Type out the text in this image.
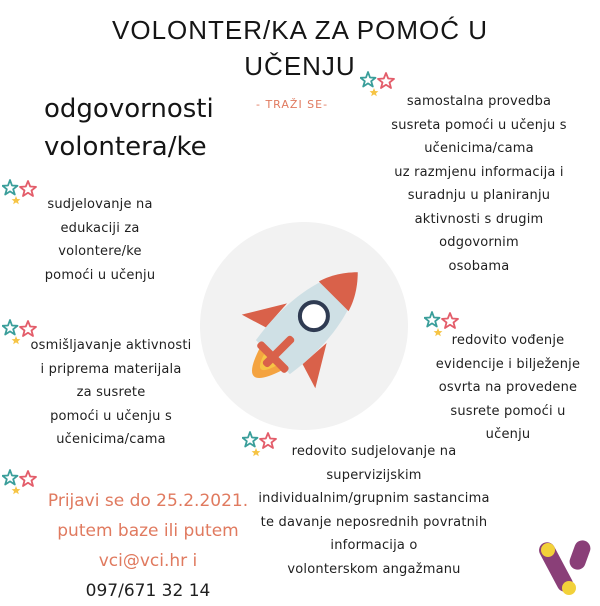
VOLONTER/KA ZA POMOĆ U
UČENJU
- TRAŽI SE-
odgovornosti
volontera/ke
sudjelovanje na
edukaciji za
volontere/ke
pomoći u učenju
osmišljavanje aktivnosti
i priprema materijala
za susrete
pomoći u učenju s
učenicima/cama
samostalna provedba
susreta pomoći u učenju s
učenicima/cama
uz razmjenu informacija i
suradnju u planiranju
aktivnosti s drugim
odgovornim
osobama
redovito vođenje
evidencije i bilježenje
osvrta na provedene
susrete pomoći u
učenju
redovito sudjelovanje na
supervizijskim
individualnim/grupnim sastancima
te davanje neposrednih povratnih
informacija o
volonterskom angažmanu
Prijavi se do 25.2.2021.
putem baze ili putem
vci@vci.hr i
097/671 32 14
